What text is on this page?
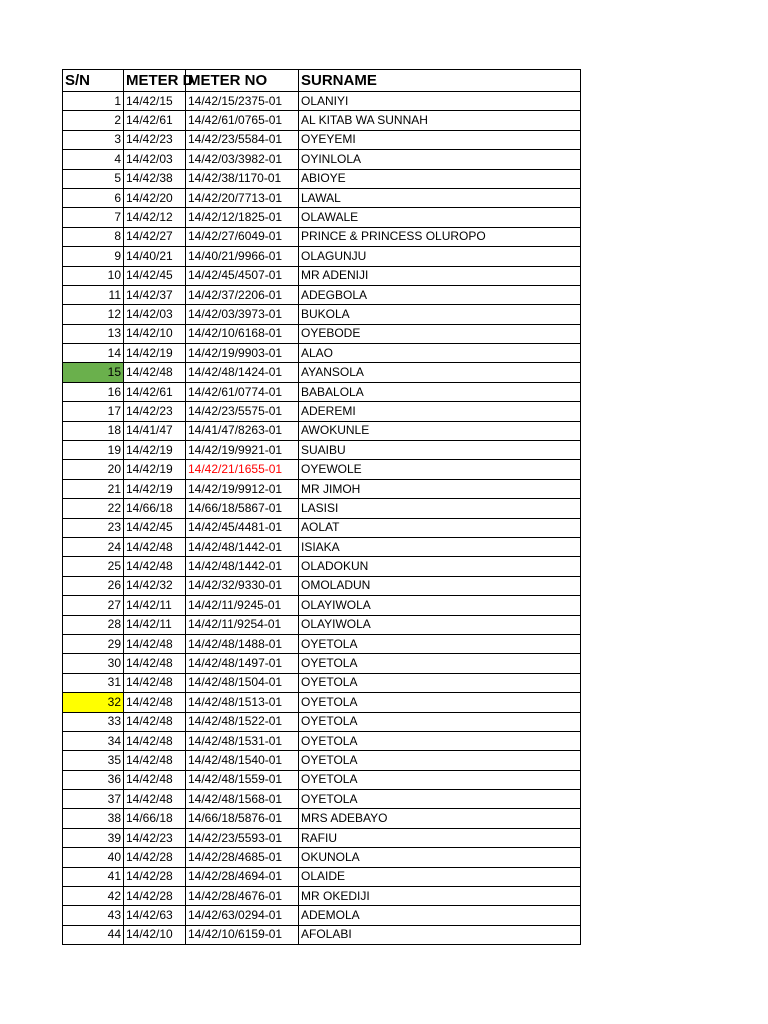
S/N	METER D	METER NO	SURNAME
1	14/42/15	14/42/15/2375-01	OLANIYI
2	14/42/61	14/42/61/0765-01	AL KITAB WA SUNNAH
3	14/42/23	14/42/23/5584-01	OYEYEMI
4	14/42/03	14/42/03/3982-01	OYINLOLA
5	14/42/38	14/42/38/1170-01	ABIOYE
6	14/42/20	14/42/20/7713-01	LAWAL
7	14/42/12	14/42/12/1825-01	OLAWALE
8	14/42/27	14/42/27/6049-01	PRINCE & PRINCESS OLUROPO
9	14/40/21	14/40/21/9966-01	OLAGUNJU
10	14/42/45	14/42/45/4507-01	MR ADENIJI
11	14/42/37	14/42/37/2206-01	ADEGBOLA
12	14/42/03	14/42/03/3973-01	BUKOLA
13	14/42/10	14/42/10/6168-01	OYEBODE
14	14/42/19	14/42/19/9903-01	ALAO
15	14/42/48	14/42/48/1424-01	AYANSOLA
16	14/42/61	14/42/61/0774-01	BABALOLA
17	14/42/23	14/42/23/5575-01	ADEREMI
18	14/41/47	14/41/47/8263-01	AWOKUNLE
19	14/42/19	14/42/19/9921-01	SUAIBU
20	14/42/19	14/42/21/1655-01	OYEWOLE
21	14/42/19	14/42/19/9912-01	MR JIMOH
22	14/66/18	14/66/18/5867-01	LASISI
23	14/42/45	14/42/45/4481-01	AOLAT
24	14/42/48	14/42/48/1442-01	ISIAKA
25	14/42/48	14/42/48/1442-01	OLADOKUN
26	14/42/32	14/42/32/9330-01	OMOLADUN
27	14/42/11	14/42/11/9245-01	OLAYIWOLA
28	14/42/11	14/42/11/9254-01	OLAYIWOLA
29	14/42/48	14/42/48/1488-01	OYETOLA
30	14/42/48	14/42/48/1497-01	OYETOLA
31	14/42/48	14/42/48/1504-01	OYETOLA
32	14/42/48	14/42/48/1513-01	OYETOLA
33	14/42/48	14/42/48/1522-01	OYETOLA
34	14/42/48	14/42/48/1531-01	OYETOLA
35	14/42/48	14/42/48/1540-01	OYETOLA
36	14/42/48	14/42/48/1559-01	OYETOLA
37	14/42/48	14/42/48/1568-01	OYETOLA
38	14/66/18	14/66/18/5876-01	MRS ADEBAYO
39	14/42/23	14/42/23/5593-01	RAFIU
40	14/42/28	14/42/28/4685-01	OKUNOLA
41	14/42/28	14/42/28/4694-01	OLAIDE
42	14/42/28	14/42/28/4676-01	MR OKEDIJI
43	14/42/63	14/42/63/0294-01	ADEMOLA
44	14/42/10	14/42/10/6159-01	AFOLABI
